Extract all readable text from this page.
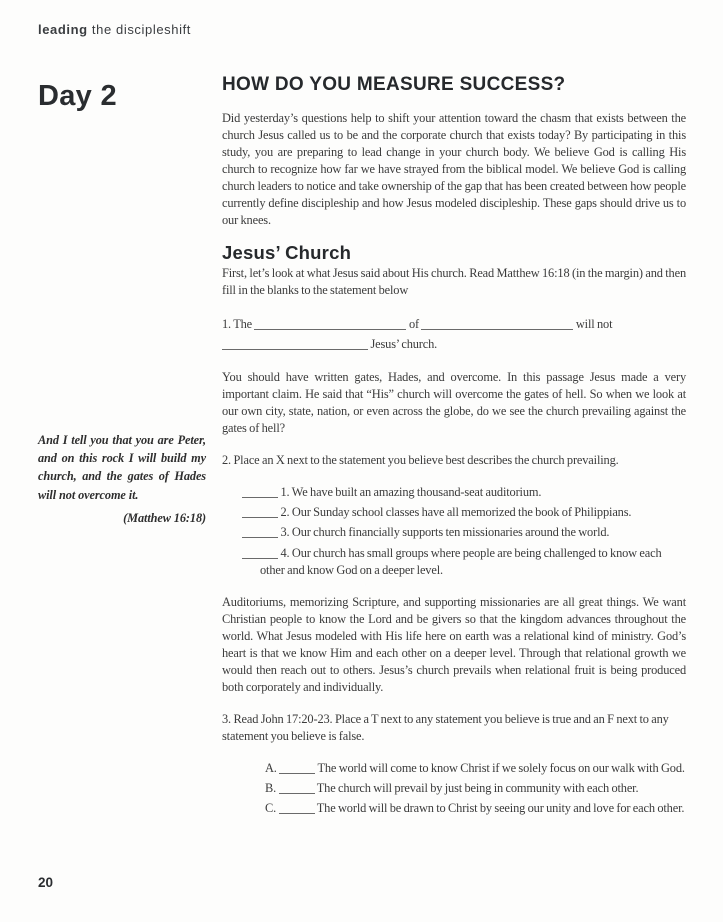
leading the discipleshift
Day 2

And I tell you that you are Peter, and on this rock I will build my church, and the gates of Hades will not overcome it.

(Matthew 16:18)

20
HOW DO YOU MEASURE SUCCESS?

Did yesterday’s questions help to shift your attention toward the chasm that exists between the church Jesus called us to be and the corporate church that exists today? By participating in this study, you are preparing to lead change in your church body. We believe God is calling His church to recognize how far we have strayed from the biblical model. We believe God is calling church leaders to notice and take ownership of the gap that has been created between how people currently define discipleship and how Jesus modeled discipleship. These gaps should drive us to our knees.

Jesus’ Church

First, let’s look at what Jesus said about His church. Read Matthew 16:18 (in the margin) and then fill in the blanks to the statement below

1. The	of	will not
Jesus’ church.

You should have written gates, Hades, and overcome. In this passage Jesus made a very important claim. He said that “His” church will overcome the gates of hell. So when we look at our own city, state, nation, or even across the globe, do we see the church prevailing against the gates of hell?

2. Place an X next to the statement you believe best describes the church prevailing.

1. We have built an amazing thousand-seat auditorium.

2. Our Sunday school classes have all memorized the book of Philippians.

3. Our church financially supports ten missionaries around the world.

4. Our church has small groups where people are being challenged to know each other and know God on a deeper level.

Auditoriums, memorizing Scripture, and supporting missionaries are all great things. We want Christian people to know the Lord and be givers so that the kingdom advances throughout the world. What Jesus modeled with His life here on earth was a relational kind of ministry. God’s heart is that we know Him and each other on a deeper level. Through that relational growth we would then reach out to others. Jesus’s church prevails when relational fruit is being produced both corporately and individually.

3. Read John 17:20-23. Place a T next to any statement you believe is true and an F next to any statement you believe is false.

A.	The world will come to know Christ if we solely focus on our walk with God.

B.	The church will prevail by just being in community with each other.

C.	The world will be drawn to Christ by seeing our unity and love for each other.
